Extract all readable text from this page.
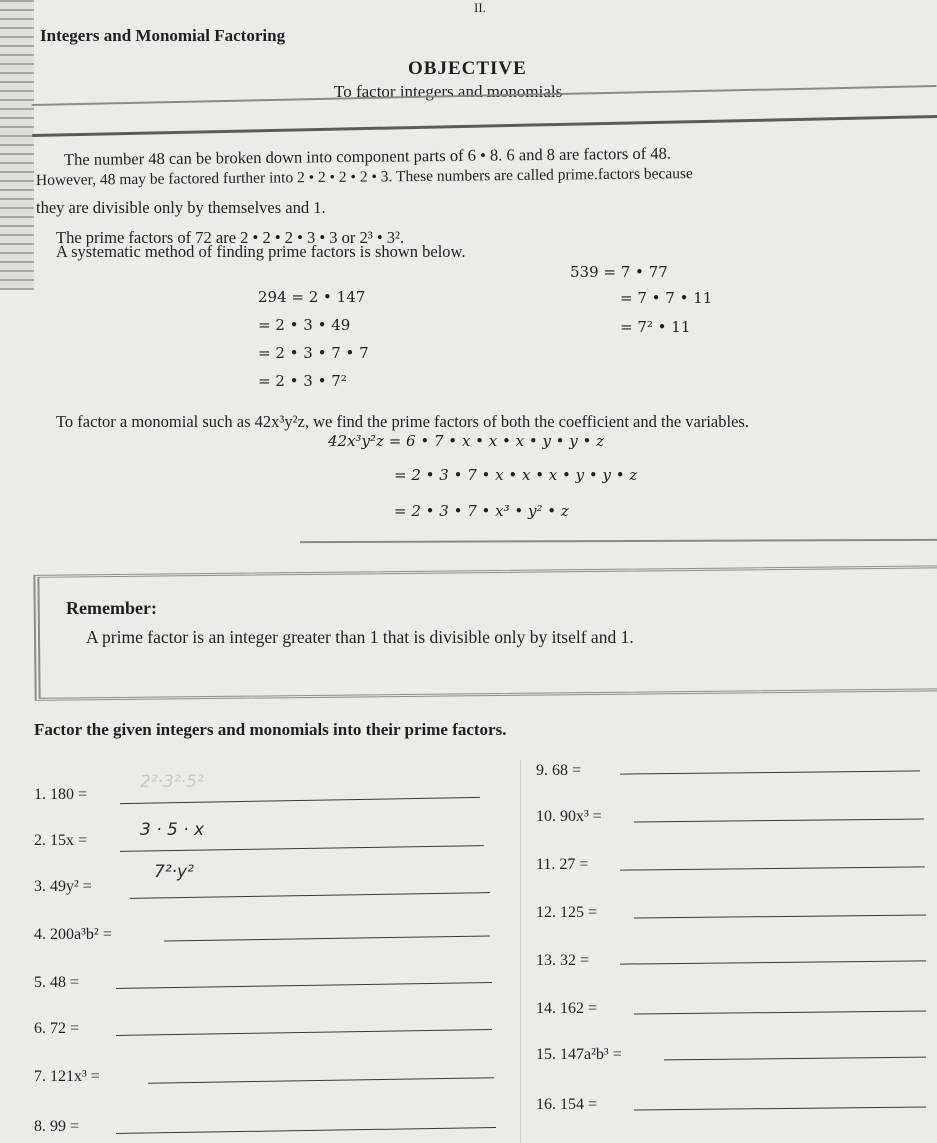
II.
Integers and Monomial Factoring
OBJECTIVE
To factor integers and monomials
The number 48 can be broken down into component parts of 6 • 8. 6 and 8 are factors of 48.
However, 48 may be factored further into 2 • 2 • 2 • 2 • 3. These numbers are called prime.factors because
they are divisible only by themselves and 1.
The prime factors of 72 are 2 • 2 • 2 • 3 • 3 or 2³ • 3².
A systematic method of finding prime factors is shown below.
294 = 2 • 147
= 2 • 3 • 49
= 2 • 3 • 7 • 7
= 2 • 3 • 7²
539 = 7 • 77
= 7 • 7 • 11
= 7² • 11
To factor a monomial such as 42x³y²z, we find the prime factors of both the coefficient and the variables.
42x³y²z = 6 • 7 • x • x • x • y • y • z
= 2 • 3 • 7 • x • x • x • y • y • z
= 2 • 3 • 7 • x³ • y² • z
Remember:
A prime factor is an integer greater than 1 that is divisible only by itself and 1.
Factor the given integers and monomials into their prime factors.
1. 180 =
2²·3²·5²
2. 15x =
3 · 5 · x
3. 49y² =
7²·y²
4. 200a³b² =
5. 48 =
6. 72 =
7. 121x³ =
8. 99 =
9. 68 =
10. 90x³ =
11. 27 =
12. 125 =
13. 32 =
14. 162 =
15. 147a²b³ =
16. 154 =
